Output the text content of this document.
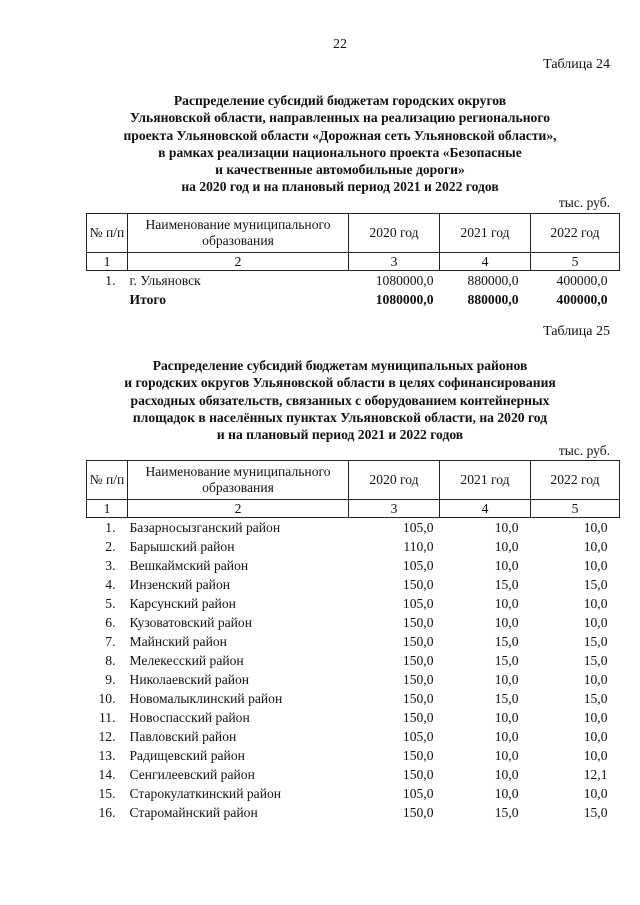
22
Таблица 24
Распределение субсидий бюджетам городских округов
Ульяновской области, направленных на реализацию регионального
проекта Ульяновской области «Дорожная сеть Ульяновской области»,
в рамках реализации национального проекта «Безопасные
и качественные автомобильные дороги»
на 2020 год и на плановый период 2021 и 2022 годов
тыс. руб.
№ п/п	Наименование муниципального образования	2020 год	2021 год	2022 год
1	2	3	4	5
1.	г. Ульяновск	1080000,0	880000,0	400000,0
	Итого	1080000,0	880000,0	400000,0
Таблица 25
Распределение субсидий бюджетам муниципальных районов
и городских округов Ульяновской области в целях софинансирования
расходных обязательств, связанных с оборудованием контейнерных
площадок в населённых пунктах Ульяновской области, на 2020 год
и на плановый период 2021 и 2022 годов
тыс. руб.
№ п/п	Наименование муниципального образования	2020 год	2021 год	2022 год
1	2	3	4	5
1.	Базарносызганский район	105,0	10,0	10,0
2.	Барышский район	110,0	10,0	10,0
3.	Вешкаймский район	105,0	10,0	10,0
4.	Инзенский район	150,0	15,0	15,0
5.	Карсунский район	105,0	10,0	10,0
6.	Кузоватовский район	150,0	10,0	10,0
7.	Майнский район	150,0	15,0	15,0
8.	Мелекесский район	150,0	15,0	15,0
9.	Николаевский район	150,0	10,0	10,0
10.	Новомалыклинский район	150,0	15,0	15,0
11.	Новоспасский район	150,0	10,0	10,0
12.	Павловский район	105,0	10,0	10,0
13.	Радищевский район	150,0	10,0	10,0
14.	Сенгилеевский район	150,0	10,0	12,1
15.	Старокулаткинский район	105,0	10,0	10,0
16.	Старомайнский район	150,0	15,0	15,0
